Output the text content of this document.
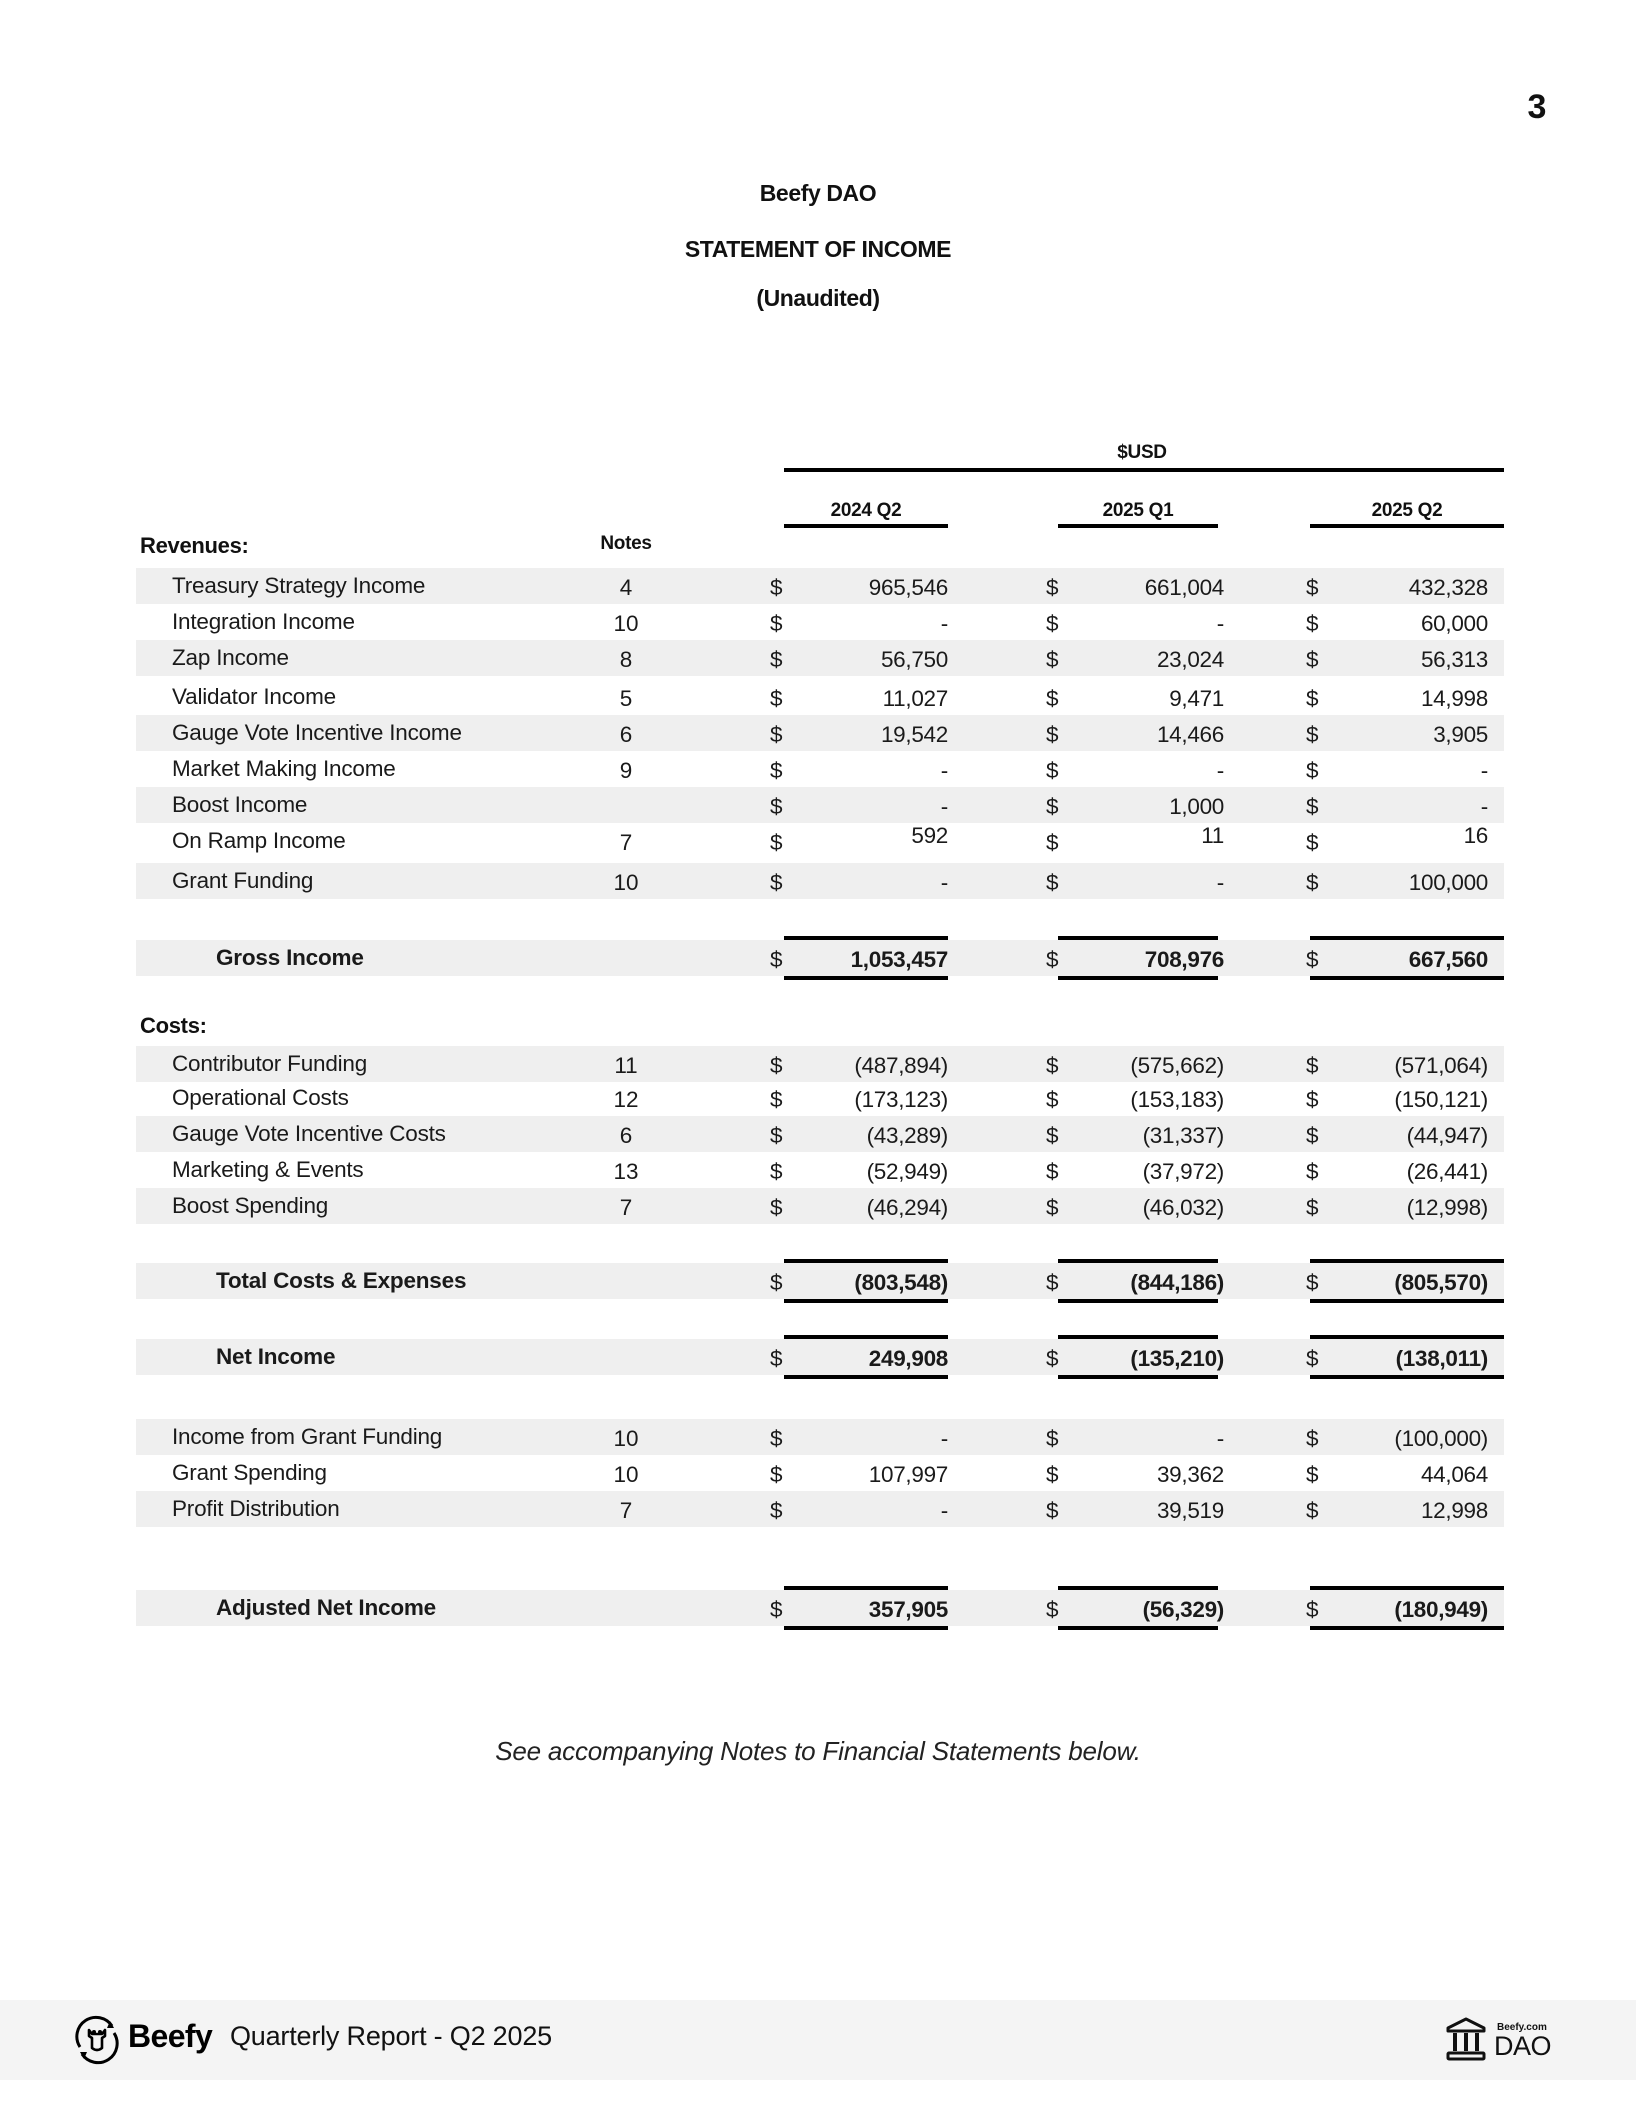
3
Beefy DAO
STATEMENT OF INCOME
(Unaudited)
$USD
2024 Q2	2025 Q1	2025 Q2
Revenues:	Notes
Treasury Strategy Income	4	$	965,546	$	661,004	$	432,328
Integration Income	10	$	-	$	-	$	60,000
Zap Income	8	$	56,750	$	23,024	$	56,313
Validator Income	5	$	11,027	$	9,471	$	14,998
Gauge Vote Incentive Income	6	$	19,542	$	14,466	$	3,905
Market Making Income	9	$	-	$	-	$	-
Boost Income	$	-	$	1,000	$	-
On Ramp Income	7	$	592	$	11	$	16
Grant Funding	10	$	-	$	-	$	100,000
Gross Income	$	1,053,457	$	708,976	$	667,560
Contributor Funding	11	$	(487,894)	$	(575,662)	$	(571,064)
Operational Costs	12	$	(173,123)	$	(153,183)	$	(150,121)
Gauge Vote Incentive Costs	6	$	(43,289)	$	(31,337)	$	(44,947)
Marketing & Events	13	$	(52,949)	$	(37,972)	$	(26,441)
Boost Spending	7	$	(46,294)	$	(46,032)	$	(12,998)
Total Costs & Expenses	$	(803,548)	$	(844,186)	$	(805,570)
Net Income	$	249,908	$	(135,210)	$	(138,011)
Income from Grant Funding	10	$	-	$	-	$	(100,000)
Grant Spending	10	$	107,997	$	39,362	$	44,064
Profit Distribution	7	$	-	$	39,519	$	12,998
Adjusted Net Income	$	357,905	$	(56,329)	$	(180,949)
Costs:
See accompanying Notes to Financial Statements below.
Beefy Quarterly Report - Q2 2025	Beefy.com
DAO
